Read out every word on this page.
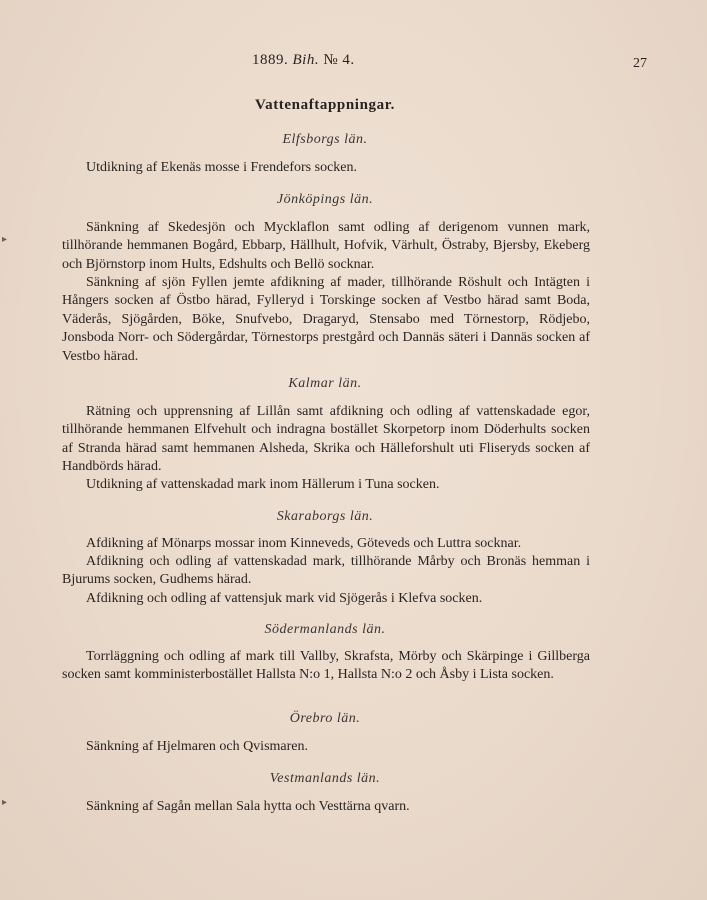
1889. Bih. № 4.	27
Vattenaftappningar.
Elfsborgs län.
Utdikning af Ekenäs mosse i Frendefors socken.
Jönköpings län.
Sänkning af Skedesjön och Mycklaflon samt odling af derigenom vunnen mark, tillhörande hemmanen Bogård, Ebbarp, Hällhult, Hofvik, Värhult, Östraby, Bjersby, Ekeberg och Björnstorp inom Hults, Edshults och Bellö socknar.
Sänkning af sjön Fyllen jemte afdikning af mader, tillhörande Röshult och Intägten i Hångers socken af Östbo härad, Fylleryd i Torskinge socken af Vestbo härad samt Boda, Väderås, Sjögården, Böke, Snufvebo, Dragaryd, Stensabo med Törnestorp, Rödjebo, Jonsboda Norr- och Södergårdar, Törnestorps prestgård och Dannäs säteri i Dannäs socken af Vestbo härad.
Kalmar län.
Rätning och upprensning af Lillån samt afdikning och odling af vattenskadade egor, tillhörande hemmanen Elfvehult och indragna bostället Skorpetorp inom Döderhults socken af Stranda härad samt hemmanen Alsheda, Skrika och Hälleforshult uti Fliseryds socken af Handbörds härad.
Utdikning af vattenskadad mark inom Hällerum i Tuna socken.
Skaraborgs län.
Afdikning af Mönarps mossar inom Kinneveds, Göteveds och Luttra socknar.
Afdikning och odling af vattenskadad mark, tillhörande Mårby och Bronäs hemman i Bjurums socken, Gudhems härad.
Afdikning och odling af vattensjuk mark vid Sjögerås i Klefva socken.
Södermanlands län.
Torrläggning och odling af mark till Vallby, Skrafsta, Mörby och Skärpinge i Gillberga socken samt komministerbostället Hallsta N:o 1, Hallsta N:o 2 och Åsby i Lista socken.
Örebro län.
Sänkning af Hjelmaren och Qvismaren.
Vestmanlands län.
Sänkning af Sagån mellan Sala hytta och Vesttärna qvarn.
▸
▸
